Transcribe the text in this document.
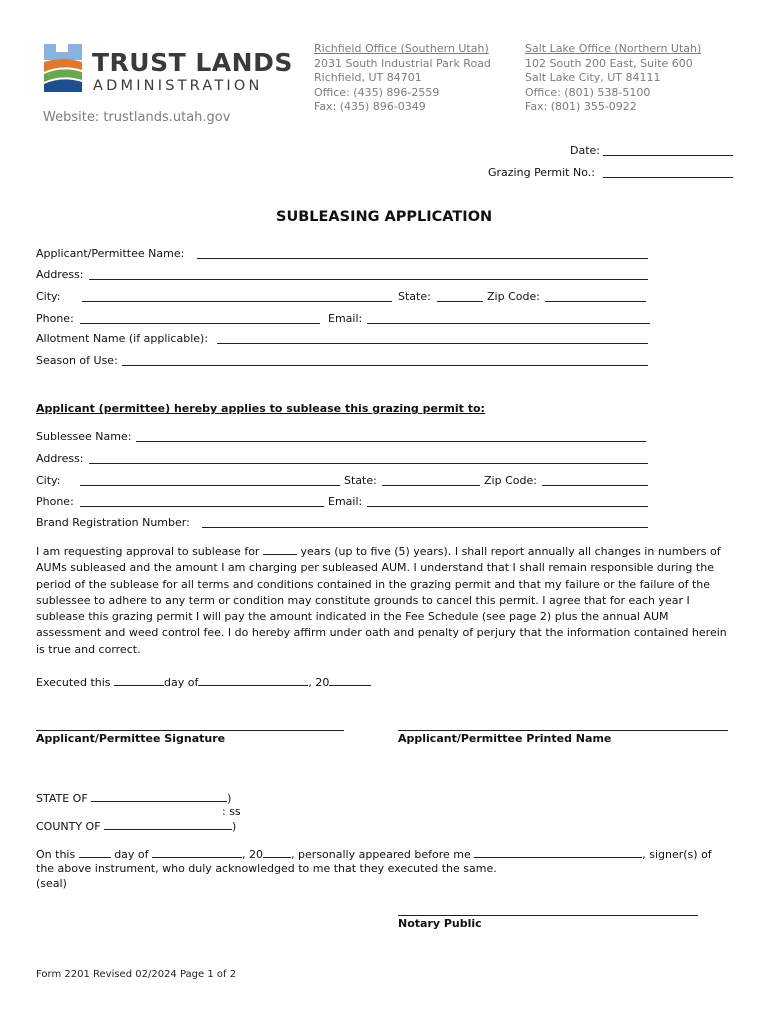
TRUST LANDS
ADMINISTRATION
Website: trustlands.utah.gov
Richfield Office (Southern Utah)
2031 South Industrial Park Road
Richfield, UT 84701
Office: (435) 896-2559
Fax: (435) 896-0349
Salt Lake Office (Northern Utah)
102 South 200 East, Suite 600
Salt Lake City, UT 84111
Office: (801) 538-5100
Fax: (801) 355-0922
Date:
Grazing Permit No.:
SUBLEASING APPLICATION
Applicant/Permittee Name:
Address:
City:	State:	Zip Code:
Phone:	Email:
Allotment Name (if applicable):
Season of Use:
Applicant (permittee) hereby applies to sublease this grazing permit to:
Sublessee Name:
Address:
City:	State:	Zip Code:
Phone:	Email:
Brand Registration Number:
I am requesting approval to sublease for	years (up to five (5) years). I shall report annually all changes in numbers of AUMs subleased and the amount I am charging per subleased AUM. I understand that I shall remain responsible during the period of the sublease for all terms and conditions contained in the grazing permit and that my failure or the failure of the sublessee to adhere to any term or condition may constitute grounds to cancel this permit. I agree that for each year I sublease this grazing permit I will pay the amount indicated in the Fee Schedule (see page 2) plus the annual AUM assessment and weed control fee. I do hereby affirm under oath and penalty of perjury that the information contained herein is true and correct.
Executed this	day of	, 20
Applicant/Permittee Signature	Applicant/Permittee Printed Name
STATE OF	)
: ss
COUNTY OF	)
On this	day of	, 20	, personally appeared before me	, signer(s) of
the above instrument, who duly acknowledged to me that they executed the same.
(seal)
Notary Public
Form 2201 Revised 02/2024 Page 1 of 2
